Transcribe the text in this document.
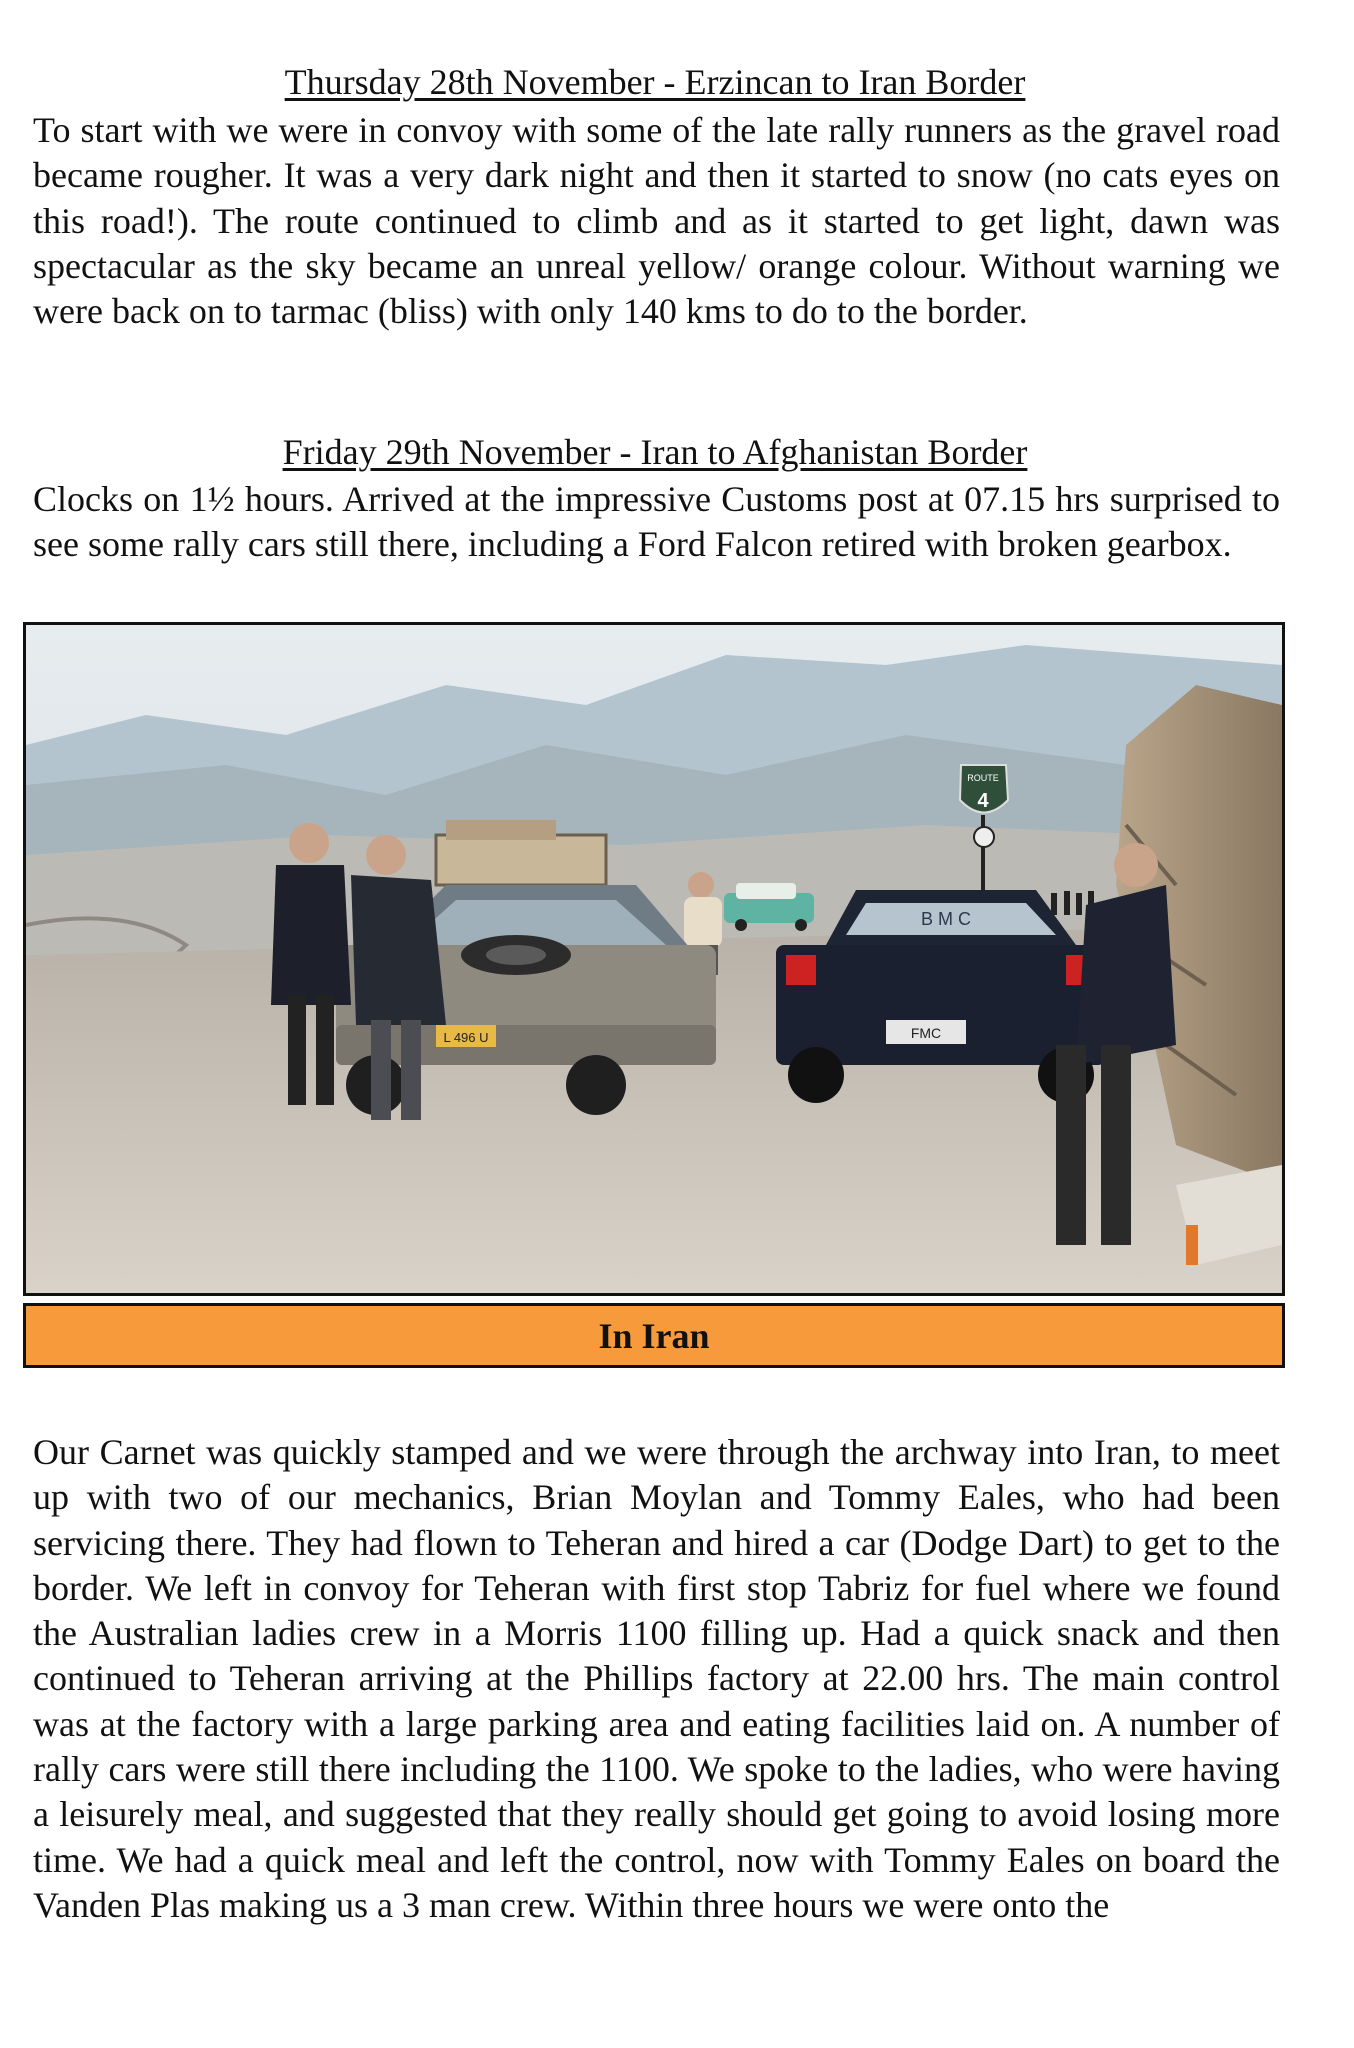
Thursday 28th November - Erzincan to Iran Border

To start with we were in convoy with some of the late rally runners as the gravel road became rougher. It was a very dark night and then it started to snow (no cats eyes on this road!). The route continued to climb and as it started to get light, dawn was spectacular as the sky became an unreal yellow/ orange colour. Without warning we were back on to tarmac (bliss) with only 140 kms to do to the border.

Friday 29th November - Iran to Afghanistan Border

Clocks on 1½ hours. Arrived at the impressive Customs post at 07.15 hrs surprised to see some rally cars still there, including a Ford Falcon retired with broken gearbox.

ROUTE
4
L 496 U
B M C
FMC
In Iran

Our Carnet was quickly stamped and we were through the archway into Iran, to meet up with two of our mechanics, Brian Moylan and Tommy Eales, who had been servicing there. They had flown to Teheran and hired a car (Dodge Dart) to get to the border. We left in convoy for Teheran with first stop Tabriz for fuel where we found the Australian ladies crew in a Morris 1100 filling up. Had a quick snack and then continued to Teheran arriving at the Phillips factory at 22.00 hrs. The main control was at the factory with a large parking area and eating facilities laid on. A number of rally cars were still there including the 1100. We spoke to the ladies, who were having a leisurely meal, and suggested that they really should get going to avoid losing more time. We had a quick meal and left the control, now with Tommy Eales on board the Vanden Plas making us a 3 man crew. Within three hours we were onto the
